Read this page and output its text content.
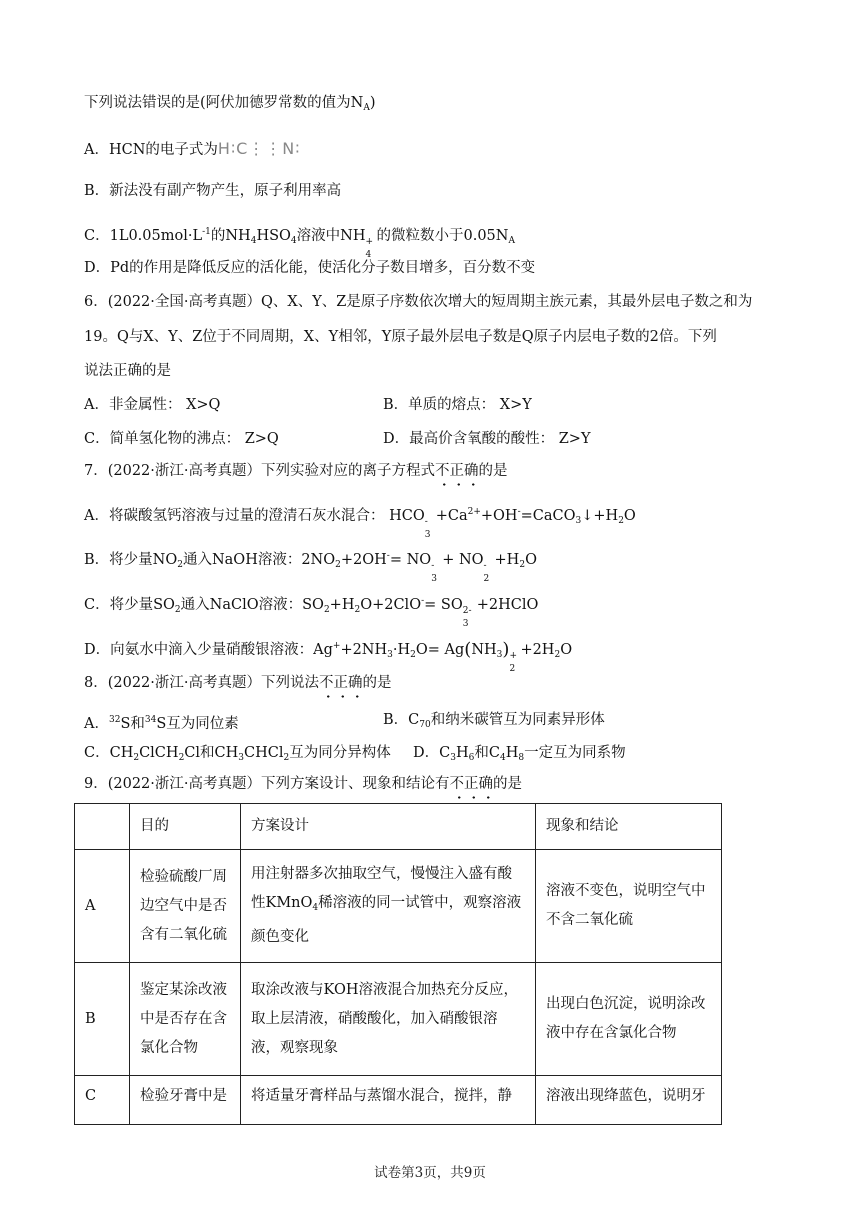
下列说法错误的是(阿伏加德罗常数的值为$N_A$)
A．HCN的电子式为H∶C⋮⋮N∶
B．新法没有副产物产生，原子利用率高
C．$1L0.05mol\cdot L^{-1}$的$NH_4HSO_4$溶液中NH +
4
的微粒数小于$0.05N_A$
D．Pd的作用是降低反应的活化能，使活化分子数目增多，百分数不变
6．(2022·全国·高考真题）Q、X、Y、Z是原子序数依次增大的短周期主族元素，其最外层电子数之和为
19。Q与X、Y、Z位于不同周期，X、Y相邻，Y原子最外层电子数是Q原子内层电子数的2倍。下列
说法正确的是
A．非金属性： X>Q	B．单质的熔点： X>Y
C．简单氢化物的沸点： Z>Q	D．最高价含氧酸的酸性： Z>Y
7．(2022·浙江·高考真题）下列实验对应的离子方程式不正确的是
A．将碳酸氢钙溶液与过量的澄清石灰水混合： HCO -
3
$+Ca^{2+}+OH^-=CaCO_3↓+H_2O$
B．将少量$NO_2$通入NaOH溶液：$2NO_2+2OH^-=$ NO -
3
+ NO -
2
$+H_2O$
C．将少量$SO_2$通入NaClO溶液：$SO_2+H_2O+2ClO^-=$ SO 2-
3
+2HClO
D．向氨水中滴入少量硝酸银溶液：$Ag^++2NH_3\cdot H_2O= Ag(NH_3)$ +
2
$+2H_2O$
8．(2022·浙江·高考真题）下列说法不正确的是
A．$^{32}$S和$^{34}$S互为同位素	B．$C_{70}$和纳米碳管互为同素异形体
C．$CH_2ClCH_2Cl$和$CH_3CHCl_2$互为同分异构体 D．$C_3H_6$和$C_4H_8$一定互为同系物
9．(2022·浙江·高考真题）下列方案设计、现象和结论有不正确的是
	目的	方案设计	现象和结论
A	检验硫酸厂周边空气中是否含有二氧化硫	用注射器多次抽取空气，慢慢注入盛有酸性KMnO$_4$稀溶液的同一试管中，观察溶液颜色变化	溶液不变色，说明空气中不含二氧化硫
B	鉴定某涂改液中是否存在含氯化合物	取涂改液与KOH溶液混合加热充分反应，取上层清液，硝酸酸化，加入硝酸银溶液，观察现象	出现白色沉淀，说明涂改液中存在含氯化合物
C	检验牙膏中是	将适量牙膏样品与蒸馏水混合，搅拌，静	溶液出现绛蓝色，说明牙
试卷第3页，共9页
